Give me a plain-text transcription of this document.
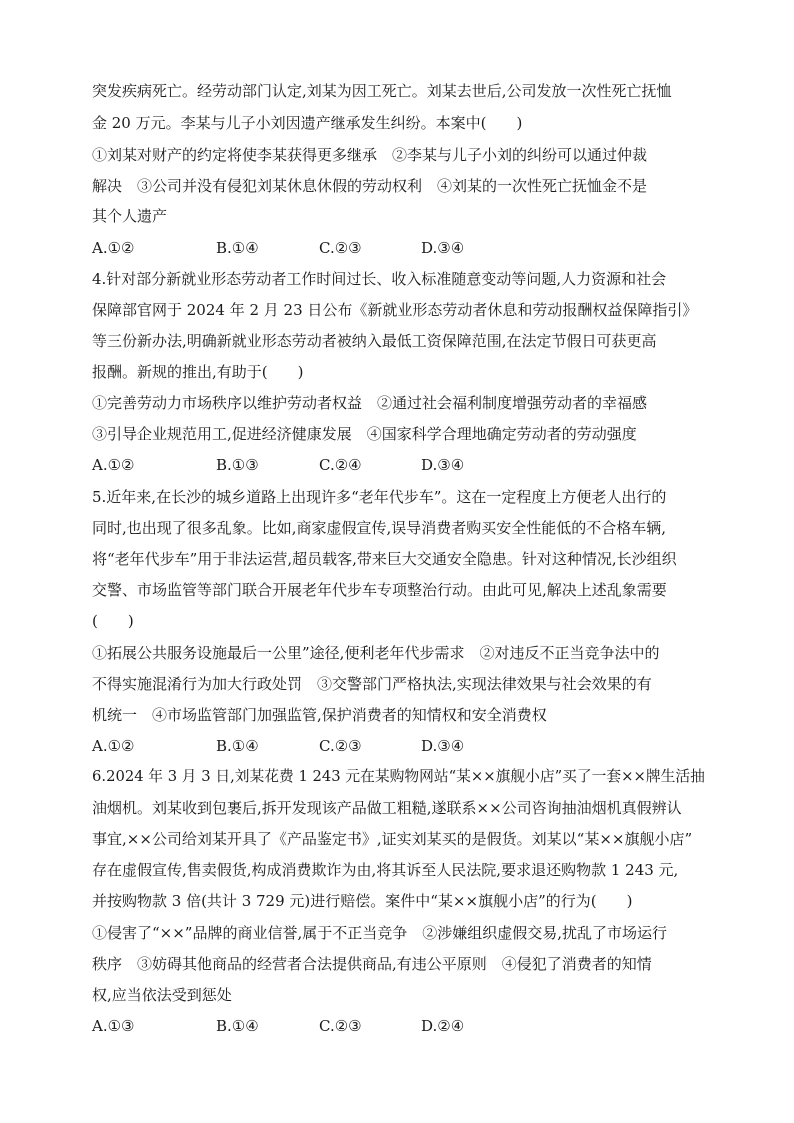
突发疾病死亡。经劳动部门认定,刘某为因工死亡。刘某去世后,公司发放一次性死亡抚恤
金 20 万元。李某与儿子小刘因遗产继承发生纠纷。本案中(　　)
①刘某对财产的约定将使李某获得更多继承　②李某与儿子小刘的纠纷可以通过仲裁
解决　③公司并没有侵犯刘某休息休假的劳动权利　④刘某的一次性死亡抚恤金不是
其个人遗产
A.①②	B.①④	C.②③	D.③④
4.针对部分新就业形态劳动者工作时间过长、收入标准随意变动等问题,人力资源和社会
保障部官网于 2024 年 2 月 23 日公布《新就业形态劳动者休息和劳动报酬权益保障指引》
等三份新办法,明确新就业形态劳动者被纳入最低工资保障范围,在法定节假日可获更高
报酬。新规的推出,有助于(　　)
①完善劳动力市场秩序以维护劳动者权益　②通过社会福利制度增强劳动者的幸福感
③引导企业规范用工,促进经济健康发展　④国家科学合理地确定劳动者的劳动强度
A.①②	B.①③	C.②④	D.③④
5.近年来,在长沙的城乡道路上出现许多“老年代步车”。这在一定程度上方便老人出行的
同时,也出现了很多乱象。比如,商家虚假宣传,误导消费者购买安全性能低的不合格车辆,
将“老年代步车”用于非法运营,超员载客,带来巨大交通安全隐患。针对这种情况,长沙组织
交警、市场监管等部门联合开展老年代步车专项整治行动。由此可见,解决上述乱象需要
(　　)
①拓展公共服务设施最后一公里”途径,便利老年代步需求　②对违反不正当竞争法中的
不得实施混淆行为加大行政处罚　③交警部门严格执法,实现法律效果与社会效果的有
机统一　④市场监管部门加强监管,保护消费者的知情权和安全消费权
A.①②	B.①④	C.②③	D.③④
6.2024 年 3 月 3 日,刘某花费 1 243 元在某购物网站“某××旗舰小店”买了一套××牌生活抽
油烟机。刘某收到包裹后,拆开发现该产品做工粗糙,遂联系××公司咨询抽油烟机真假辨认
事宜,××公司给刘某开具了《产品鉴定书》,证实刘某买的是假货。刘某以“某××旗舰小店”
存在虚假宣传,售卖假货,构成消费欺诈为由,将其诉至人民法院,要求退还购物款 1 243 元,
并按购物款 3 倍(共计 3 729 元)进行赔偿。案件中“某××旗舰小店”的行为(　　)
①侵害了“××”品牌的商业信誉,属于不正当竞争　②涉嫌组织虚假交易,扰乱了市场运行
秩序　③妨碍其他商品的经营者合法提供商品,有违公平原则　④侵犯了消费者的知情
权,应当依法受到惩处
A.①③	B.①④	C.②③	D.②④
